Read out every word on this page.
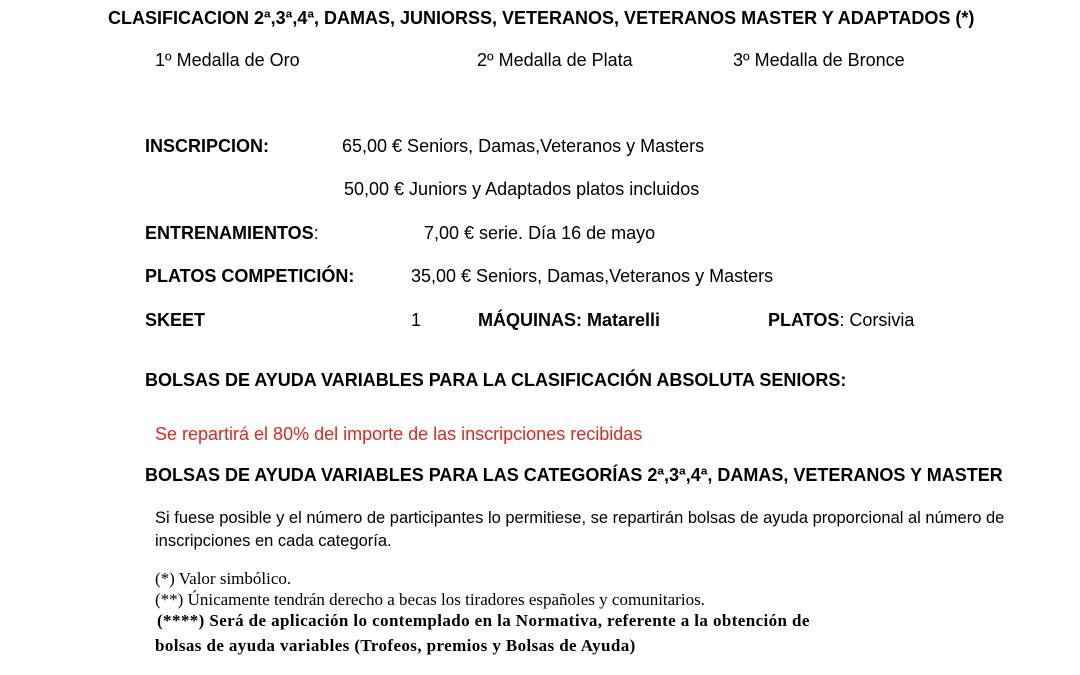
CLASIFICACION 2ª,3ª,4ª, DAMAS, JUNIORSS, VETERANOS, VETERANOS MASTER Y ADAPTADOS (*)
1º Medalla de Oro	2º Medalla de Plata	3º Medalla de Bronce
INSCRIPCION:	65,00 € Seniors, Damas,Veteranos y Masters
50,00 € Juniors y Adaptados platos incluidos
ENTRENAMIENTOS:	7,00 € serie. Día 16 de mayo
PLATOS COMPETICIÓN:	35,00 € Seniors, Damas,Veteranos y Masters
SKEET	1	MÁQUINAS: Matarelli	PLATOS: Corsivia
BOLSAS DE AYUDA VARIABLES PARA LA CLASIFICACIÓN ABSOLUTA SENIORS:
Se repartirá el 80% del importe de las inscripciones recibidas
BOLSAS DE AYUDA VARIABLES PARA LAS CATEGORÍAS 2ª,3ª,4ª, DAMAS, VETERANOS Y MASTER
Si fuese posible y el número de participantes lo permitiese, se repartirán bolsas de ayuda proporcional al número de inscripciones en cada categoría.
(*) Valor simbólico.
(**) Únicamente tendrán derecho a becas los tiradores españoles y comunitarios.
(****) Será de aplicación lo contemplado en la Normativa, referente a la obtención de
bolsas de ayuda variables (Trofeos, premios y Bolsas de Ayuda)
